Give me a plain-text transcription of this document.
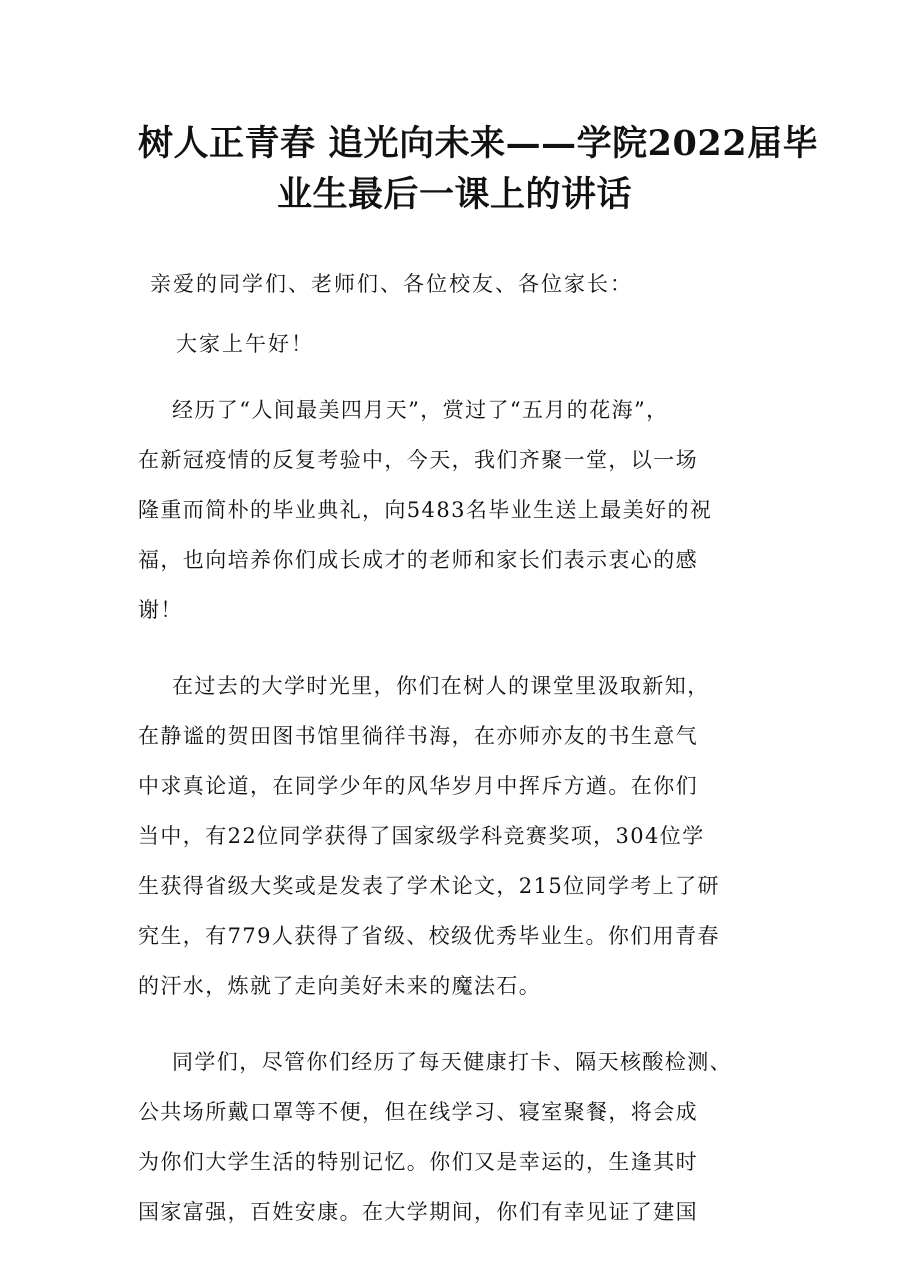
树人正青春 追光向未来——学院2022届毕
业生最后一课上的讲话

亲爱的同学们、老师们、各位校友、各位家长：

大家上午好！

经历了“人间最美四月天”，赏过了“五月的花海”，
在新冠疫情的反复考验中，今天，我们齐聚一堂，以一场
隆重而简朴的毕业典礼，向5483名毕业生送上最美好的祝
福，也向培养你们成长成才的老师和家长们表示衷心的感
谢！

在过去的大学时光里，你们在树人的课堂里汲取新知，
在静谧的贺田图书馆里徜徉书海，在亦师亦友的书生意气
中求真论道，在同学少年的风华岁月中挥斥方遒。在你们
当中，有22位同学获得了国家级学科竞赛奖项，304位学
生获得省级大奖或是发表了学术论文，215位同学考上了研
究生，有779人获得了省级、校级优秀毕业生。你们用青春
的汗水，炼就了走向美好未来的魔法石。

同学们，尽管你们经历了每天健康打卡、隔天核酸检测、
公共场所戴口罩等不便，但在线学习、寝室聚餐，将会成
为你们大学生活的特别记忆。你们又是幸运的，生逢其时
国家富强，百姓安康。在大学期间，你们有幸见证了建国
